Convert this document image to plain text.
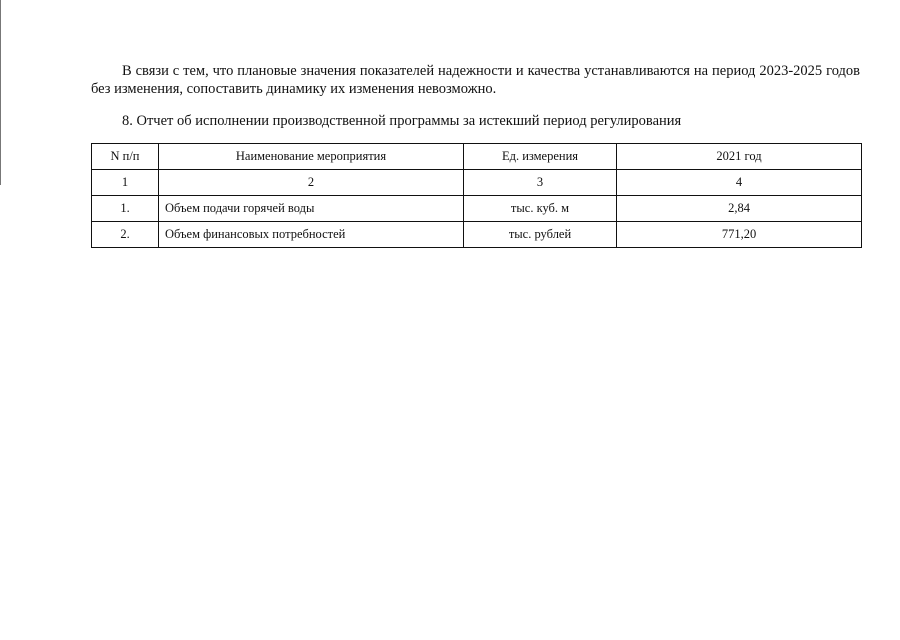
В связи с тем, что плановые значения показателей надежности и качества устанавливаются на период 2023-2025 годов без изменения, сопоставить динамику их изменения невозможно.

8. Отчет об исполнении производственной программы за истекший период регулирования

N п/п	Наименование мероприятия	Ед. измерения	2021 год
1	2	3	4
1.	Объем подачи горячей воды	тыс. куб. м	2,84
2.	Объем финансовых потребностей	тыс. рублей	771,20
